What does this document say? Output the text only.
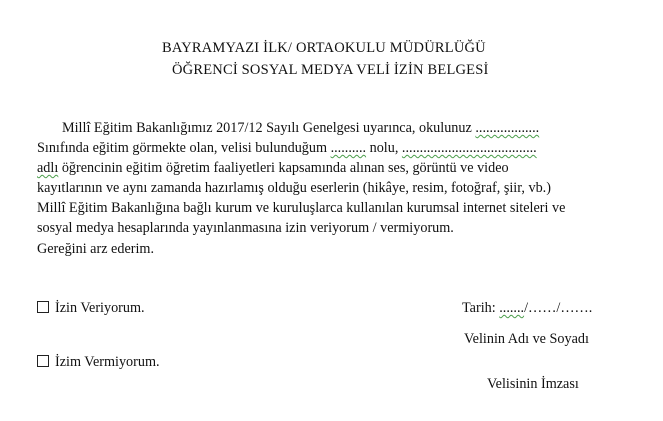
BAYRAMYAZI İLK/ ORTAOKULU MÜDÜRLÜĞÜ
ÖĞRENCİ SOSYAL MEDYA VELİ İZİN BELGESİ
Millî Eğitim Bakanlığımız 2017/12 Sayılı Genelgesi uyarınca, okulunuz ..................
Sınıfında eğitim görmekte olan, velisi bulunduğum .......... nolu, ......................................
adlı öğrencinin eğitim öğretim faaliyetleri kapsamında alınan ses, görüntü ve video
kayıtlarının ve aynı zamanda hazırlamış olduğu eserlerin (hikâye, resim, fotoğraf, şiir, vb.)
Millî Eğitim Bakanlığına bağlı kurum ve kuruluşlarca kullanılan kurumsal internet siteleri ve
sosyal medya hesaplarında yayınlanmasına izin veriyorum / vermiyorum.
Gereğini arz ederim.
İzin Veriyorum.
İzim Vermiyorum.
Tarih: ......./……/…….
Velinin Adı ve Soyadı
Velisinin İmzası
